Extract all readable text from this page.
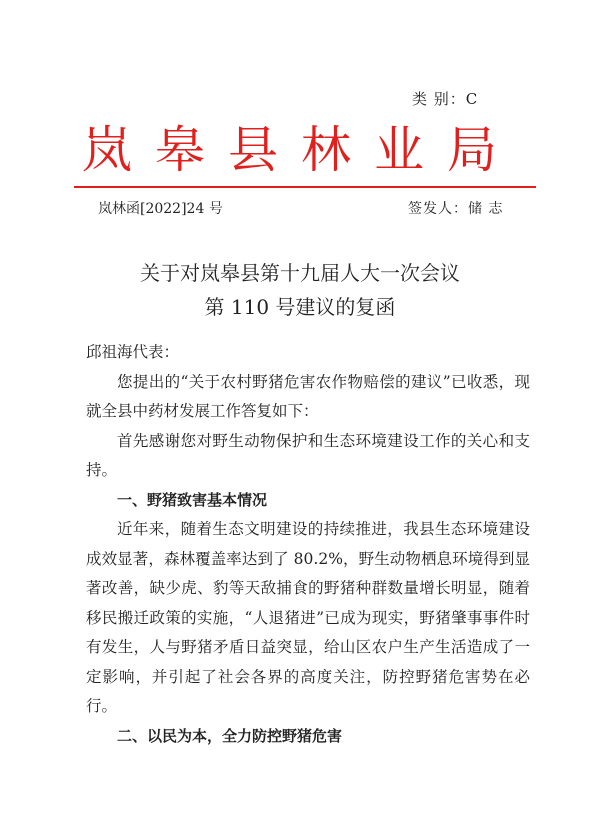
类 别：C
岚皋县林业局
岚林函[2022]24 号	签发人：储 志
关于对岚皋县第十九届人大一次会议
第 110 号建议的复函

邱祖海代表：

您提出的“关于农村野猪危害农作物赔偿的建议”已收悉，现就全县中药材发展工作答复如下：

首先感谢您对野生动物保护和生态环境建设工作的关心和支持。

一、野猪致害基本情况

近年来，随着生态文明建设的持续推进，我县生态环境建设成效显著，森林覆盖率达到了 80.2%，野生动物栖息环境得到显著改善，缺少虎、豹等天敌捕食的野猪种群数量增长明显，随着移民搬迁政策的实施，“人退猪进”已成为现实，野猪肇事事件时有发生，人与野猪矛盾日益突显，给山区农户生产生活造成了一定影响，并引起了社会各界的高度关注，防控野猪危害势在必行。

二、以民为本，全力防控野猪危害
